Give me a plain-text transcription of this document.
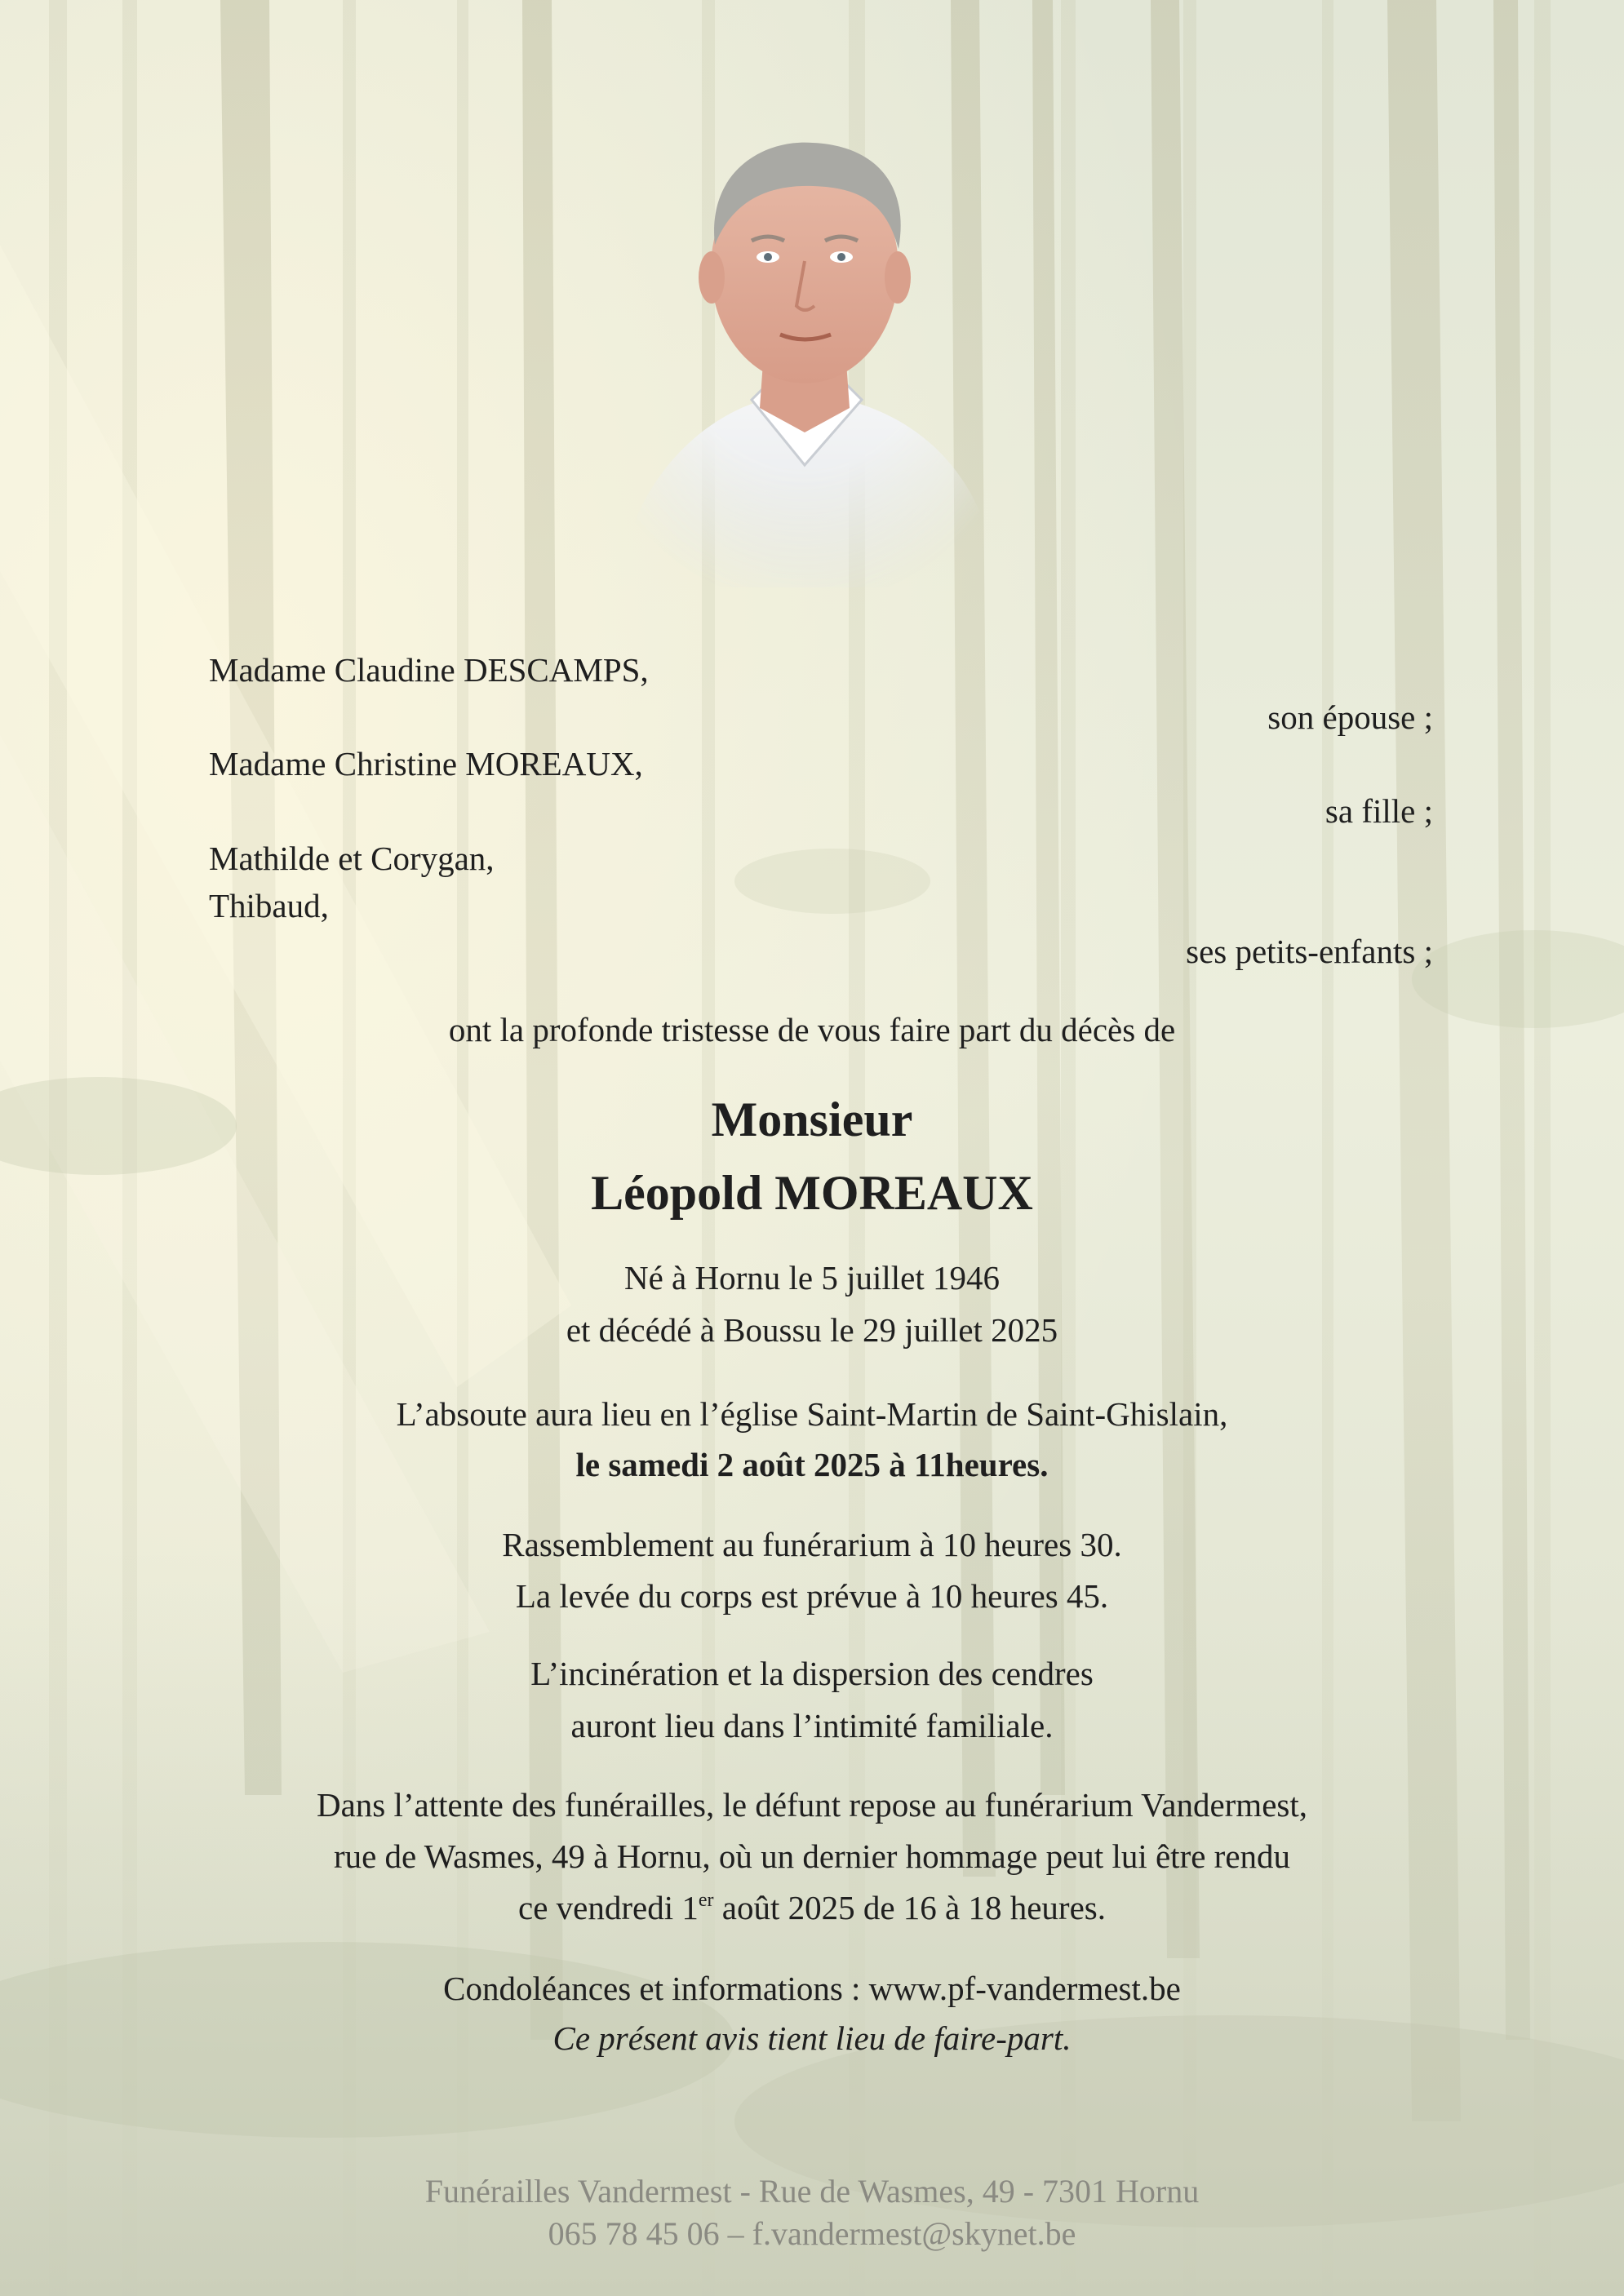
Madame Claudine DESCAMPS,
son épouse ;
Madame Christine MOREAUX,
sa fille ;
Mathilde et Corygan,
Thibaud,
ses petits-enfants ;
ont la profonde tristesse de vous faire part du décès de
Monsieur
Léopold MOREAUX
Né à Hornu le 5 juillet 1946
et décédé à Boussu le 29 juillet 2025
L’absoute aura lieu en l’église Saint-Martin de Saint-Ghislain,
le samedi 2 août 2025 à 11heures.
Rassemblement au funérarium à 10 heures 30.
La levée du corps est prévue à 10 heures 45.
L’incinération et la dispersion des cendres
auront lieu dans l’intimité familiale.
Dans l’attente des funérailles, le défunt repose au funérarium Vandermest,
rue de Wasmes, 49 à Hornu, où un dernier hommage peut lui être rendu
ce vendredi 1er août 2025 de 16 à 18 heures.
Condoléances et informations : www.pf-vandermest.be
Ce présent avis tient lieu de faire-part.
Funérailles Vandermest - Rue de Wasmes, 49 - 7301 Hornu
065 78 45 06 – f.vandermest@skynet.be
